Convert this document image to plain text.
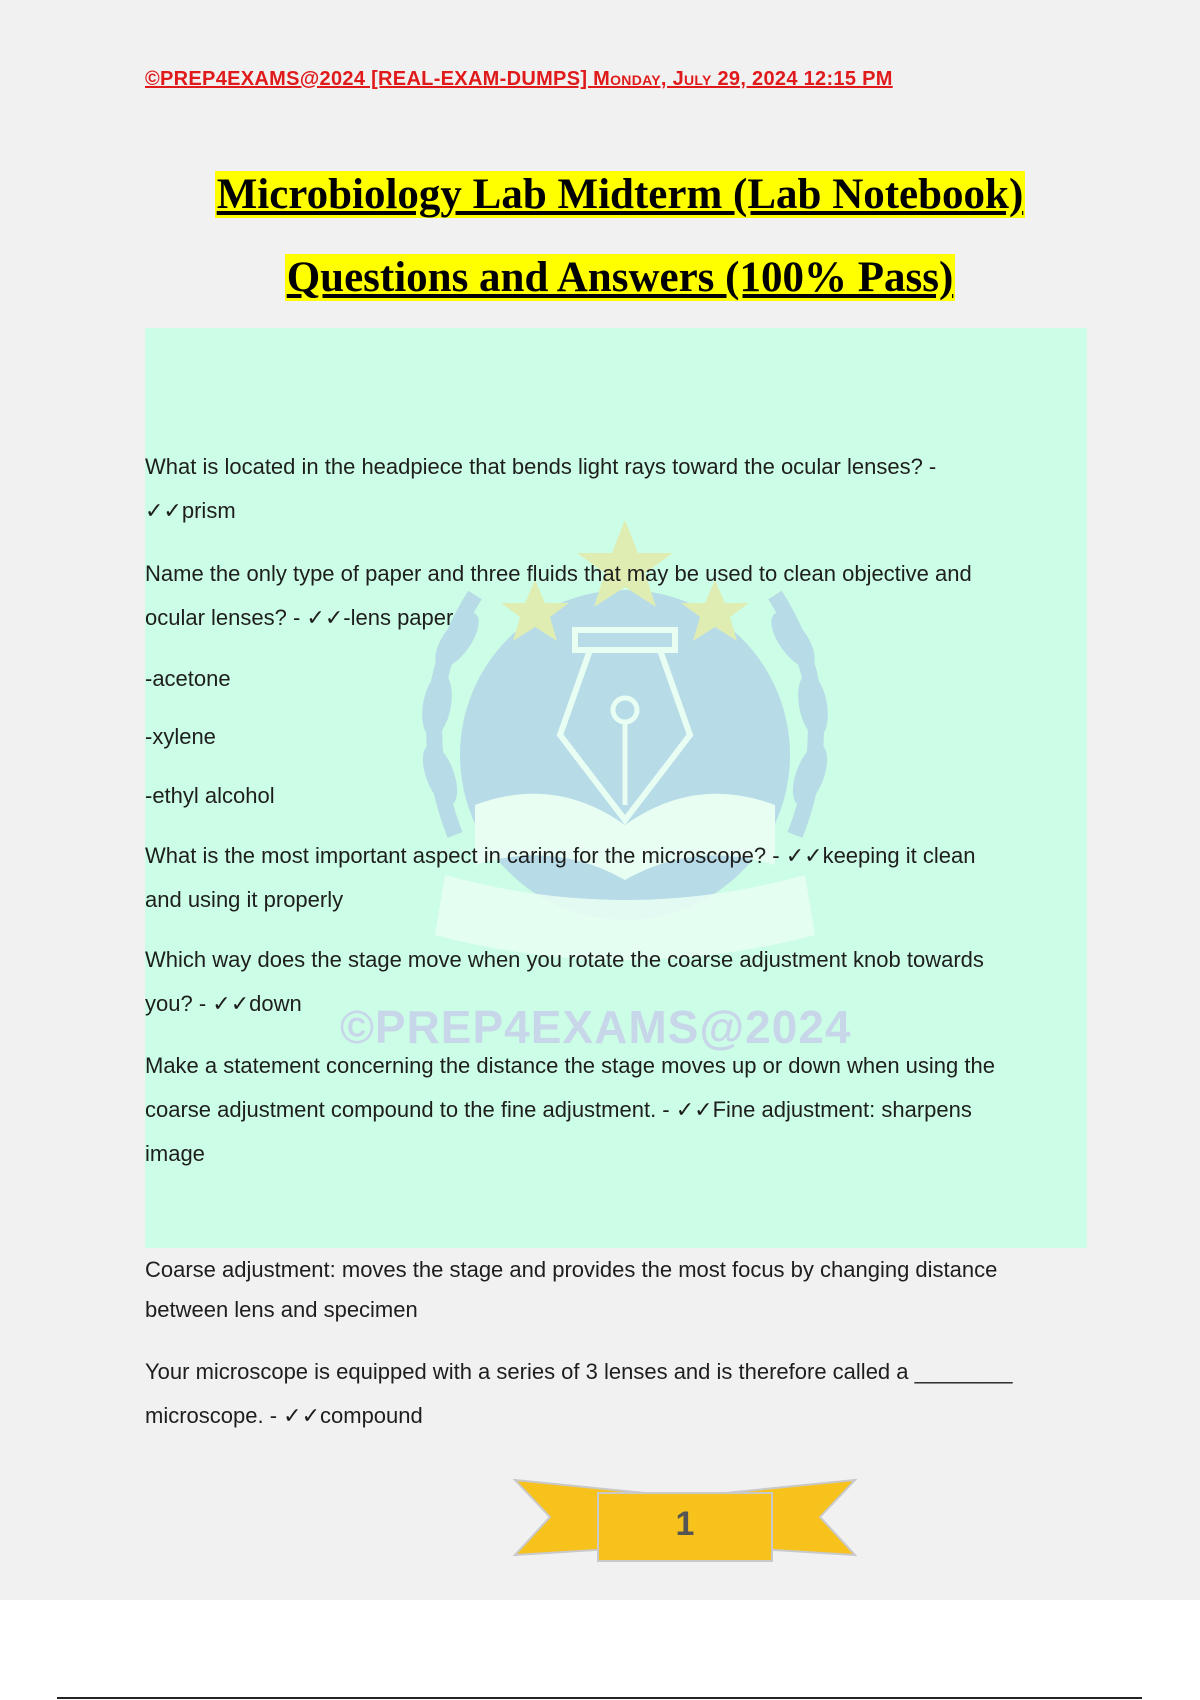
©PREP4EXAMS@2024 [REAL-EXAM-DUMPS] Monday, July 29, 2024 12:15 PM
Microbiology Lab Midterm (Lab Notebook)
Questions and Answers (100% Pass)
©PREP4EXAMS@2024

What is located in the headpiece that bends light rays toward the ocular lenses? -

✓✓prism

Name the only type of paper and three fluids that may be used to clean objective and

ocular lenses? - ✓✓-lens paper

-acetone

-xylene

-ethyl alcohol

What is the most important aspect in caring for the microscope? - ✓✓keeping it clean

and using it properly

Which way does the stage move when you rotate the coarse adjustment knob towards

you? - ✓✓down

Make a statement concerning the distance the stage moves up or down when using the

coarse adjustment compound to the fine adjustment. - ✓✓Fine adjustment: sharpens

image

Coarse adjustment: moves the stage and provides the most focus by changing distance

between lens and specimen

Your microscope is equipped with a series of 3 lenses and is therefore called a ________

microscope. - ✓✓compound

1
